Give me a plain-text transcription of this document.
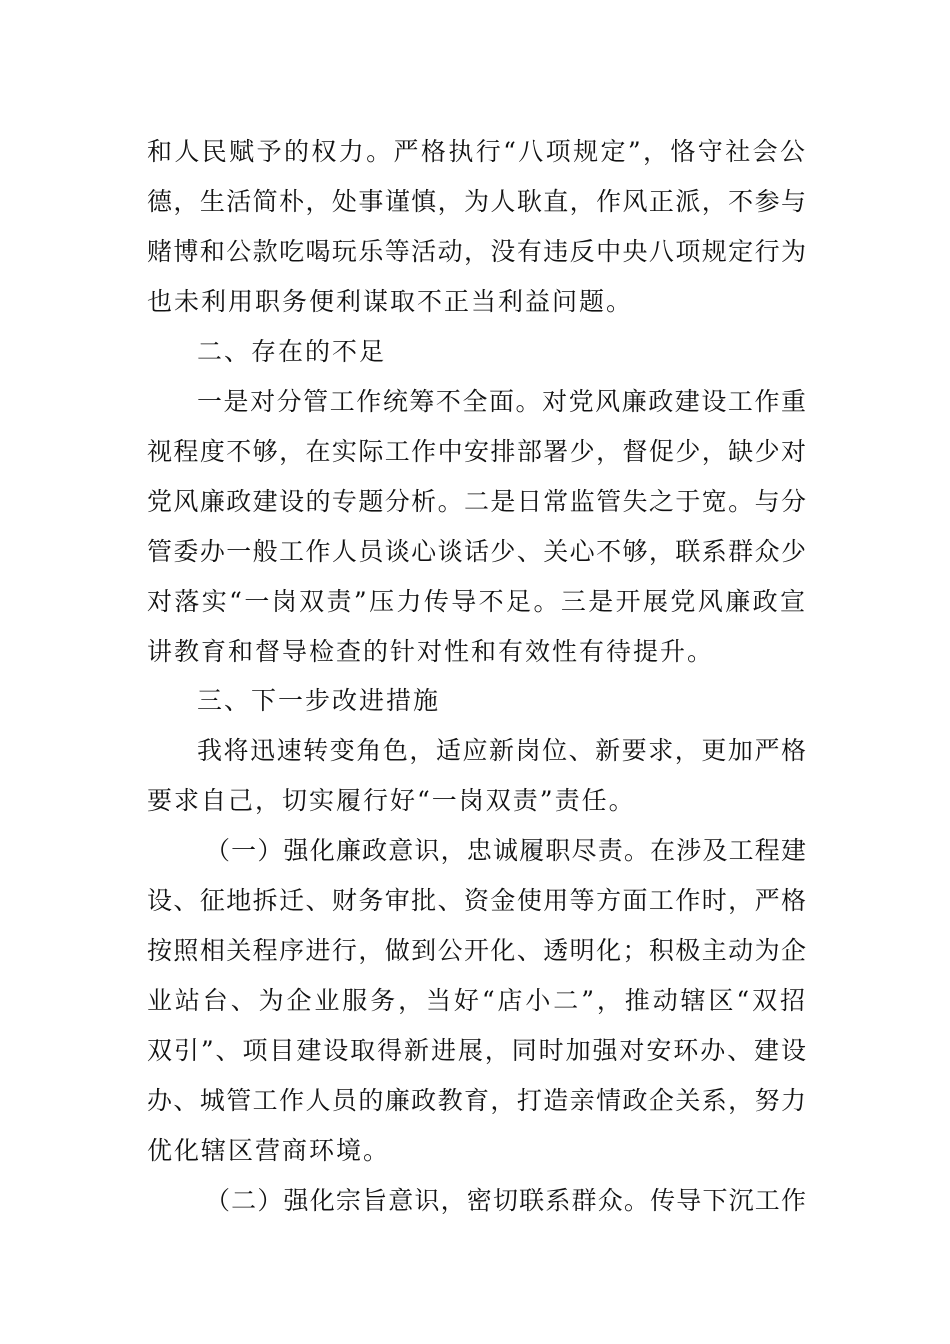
和人民赋予的权力。严格执行“八项规定”，恪守社会公
德，生活简朴，处事谨慎，为人耿直，作风正派，不参与
赌博和公款吃喝玩乐等活动，没有违反中央八项规定行为
也未利用职务便利谋取不正当利益问题。
二、存在的不足
一是对分管工作统筹不全面。对党风廉政建设工作重
视程度不够，在实际工作中安排部署少，督促少，缺少对
党风廉政建设的专题分析。二是日常监管失之于宽。与分
管委办一般工作人员谈心谈话少、关心不够，联系群众少
对落实“一岗双责”压力传导不足。三是开展党风廉政宣
讲教育和督导检查的针对性和有效性有待提升。
三、下一步改进措施
我将迅速转变角色，适应新岗位、新要求，更加严格
要求自己，切实履行好“一岗双责”责任。
（一）强化廉政意识，忠诚履职尽责。在涉及工程建
设、征地拆迁、财务审批、资金使用等方面工作时，严格
按照相关程序进行，做到公开化、透明化；积极主动为企
业站台、为企业服务，当好“店小二”，推动辖区“双招
双引”、项目建设取得新进展，同时加强对安环办、建设
办、城管工作人员的廉政教育，打造亲情政企关系，努力
优化辖区营商环境。
（二）强化宗旨意识，密切联系群众。传导下沉工作
